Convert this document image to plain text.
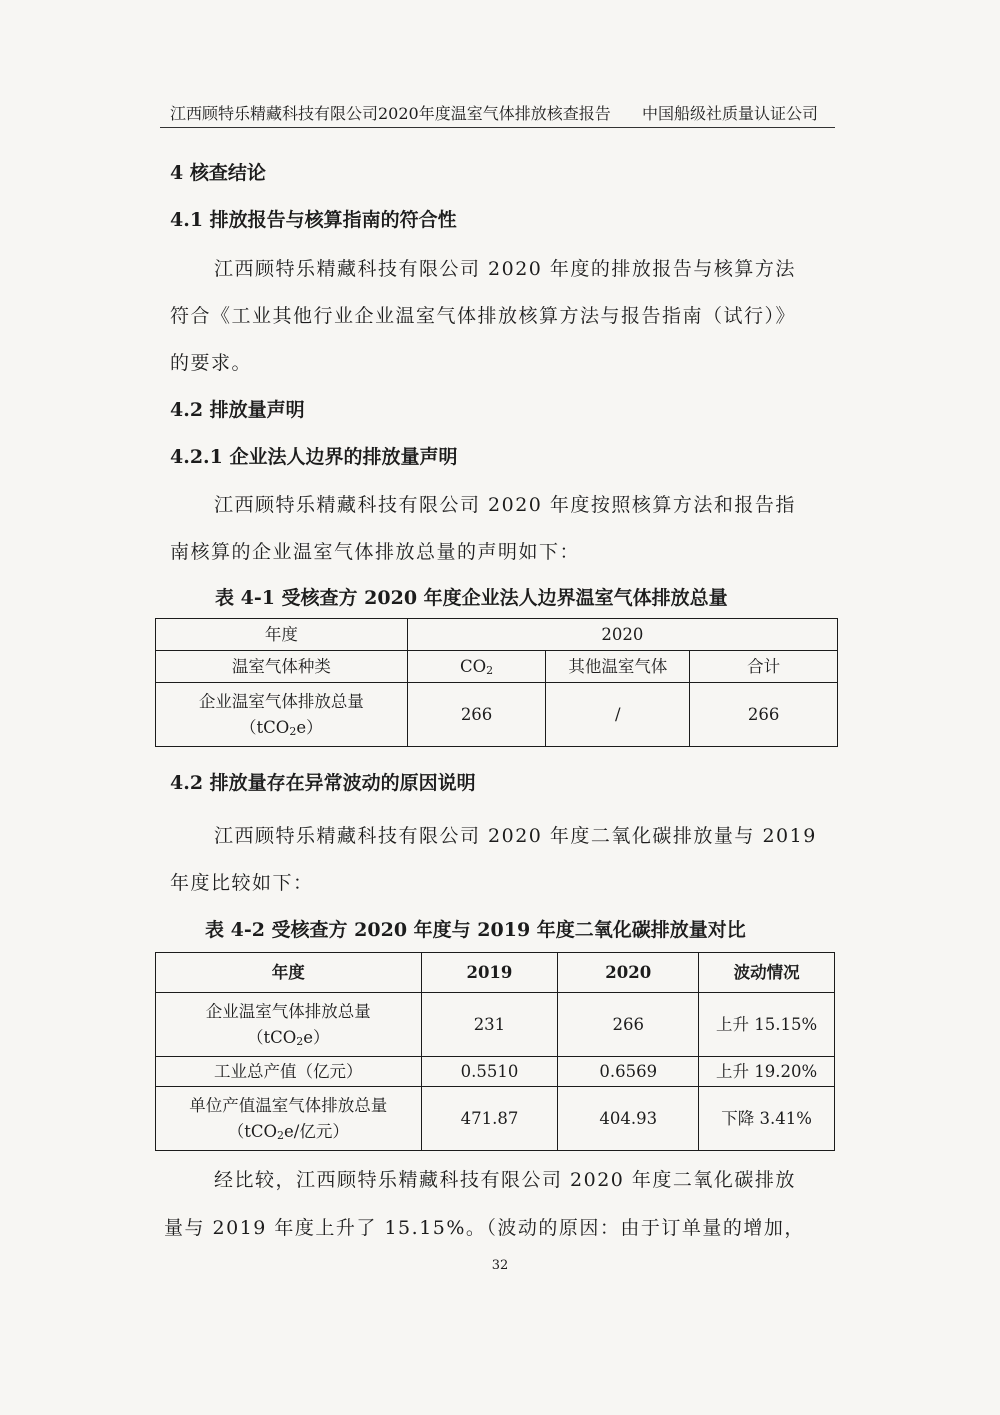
江西顾特乐精藏科技有限公司2020年度温室气体排放核查报告 中国船级社质量认证公司
4 核查结论
4.1 排放报告与核算指南的符合性
江西顾特乐精藏科技有限公司 2020 年度的排放报告与核算方法
符合《工业其他行业企业温室气体排放核算方法与报告指南（试行）》
的要求。
4.2 排放量声明
4.2.1 企业法人边界的排放量声明
江西顾特乐精藏科技有限公司 2020 年度按照核算方法和报告指
南核算的企业温室气体排放总量的声明如下：
表 4-1 受核查方 2020 年度企业法人边界温室气体排放总量
年度	2020		
温室气体种类	$CO_2$	其他温室气体	合计

企业温室气体排放总量
（tCO$_2$e）	266	/	266
4.2 排放量存在异常波动的原因说明
江西顾特乐精藏科技有限公司 2020 年度二氧化碳排放量与 2019
年度比较如下：
表 4-2 受核查方 2020 年度与 2019 年度二氧化碳排放量对比
年度	2019	2020	波动情况

企业温室气体排放总量
（tCO$_2$e）	231	266	上升 15.15%
工业总产值（亿元）	0.5510	0.6569	上升 19.20%

单位产值温室气体排放总量
（tCO$_2$e/亿元）	471.87	404.93	下降 3.41%
经比较，江西顾特乐精藏科技有限公司 2020 年度二氧化碳排放
量与 2019 年度上升了 15.15%。（波动的原因：由于订单量的增加，
32
